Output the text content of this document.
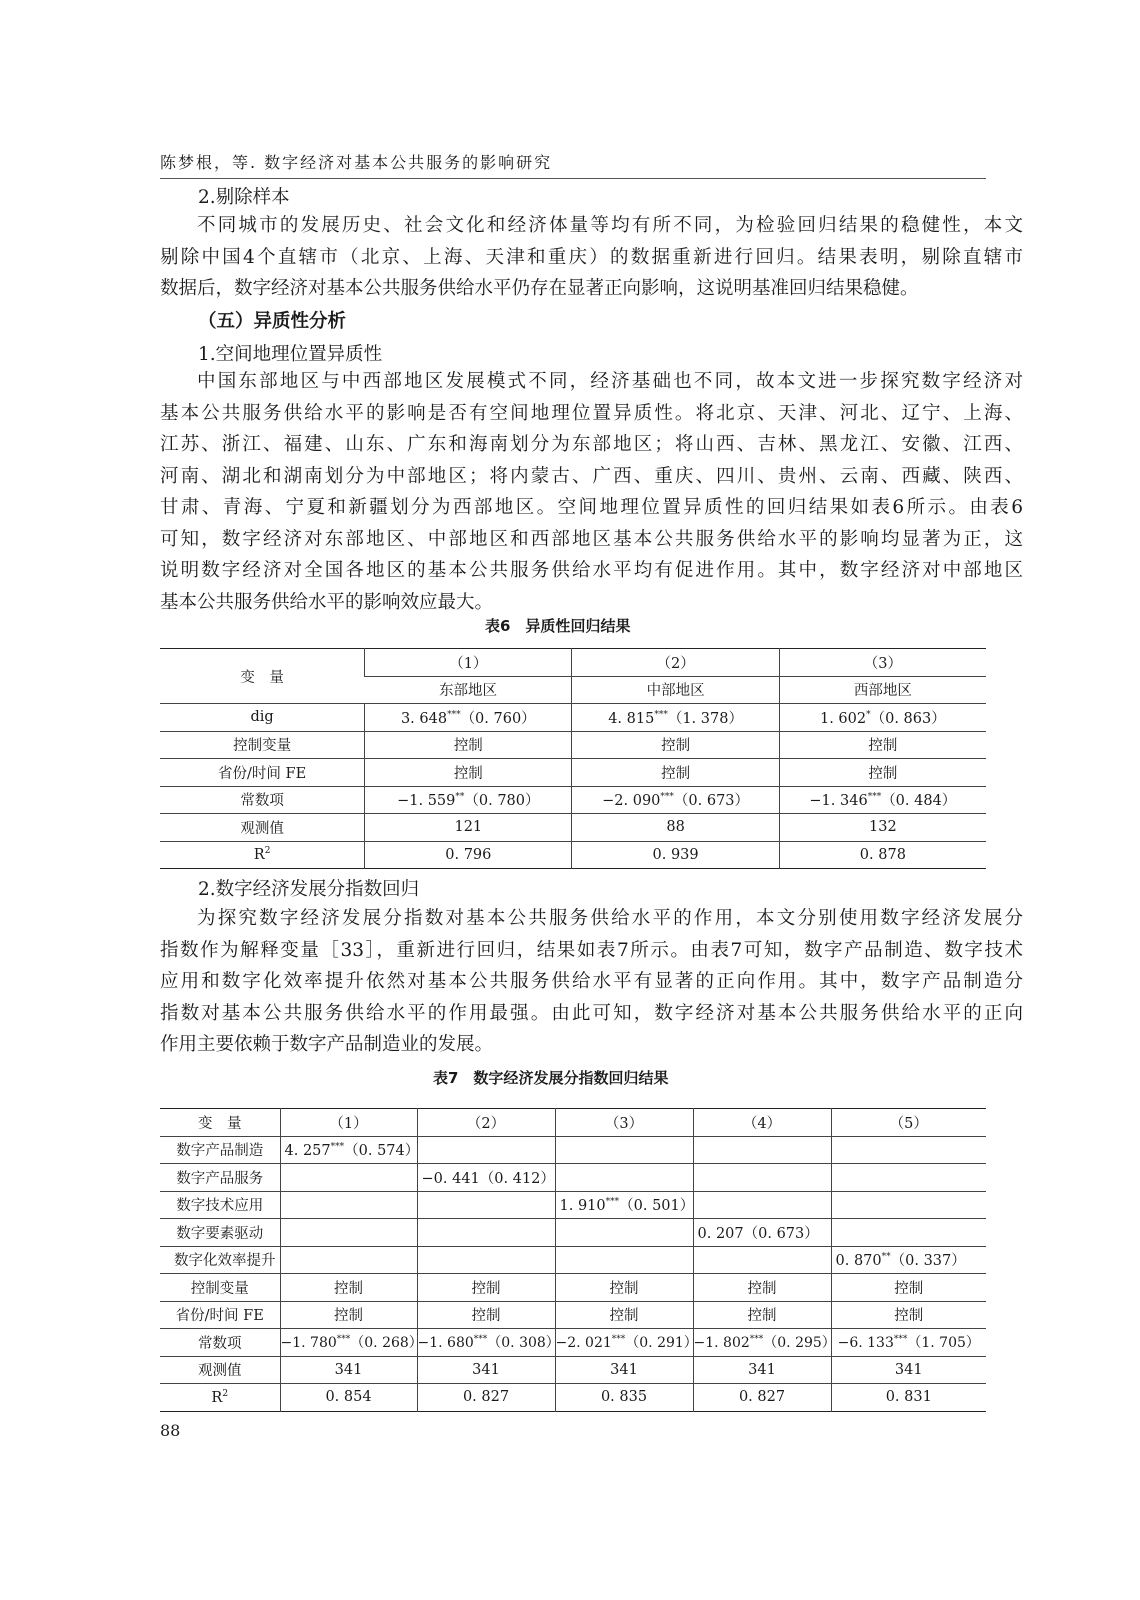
陈梦根，等. 数字经济对基本公共服务的影响研究
2.剔除样本
不同城市的发展历史、社会文化和经济体量等均有所不同，为检验回归结果的稳健性，本文
剔除中国4个直辖市（北京、上海、天津和重庆）的数据重新进行回归。结果表明，剔除直辖市
数据后，数字经济对基本公共服务供给水平仍存在显著正向影响，这说明基准回归结果稳健。
（五）异质性分析
1.空间地理位置异质性
中国东部地区与中西部地区发展模式不同，经济基础也不同，故本文进一步探究数字经济对
基本公共服务供给水平的影响是否有空间地理位置异质性。将北京、天津、河北、辽宁、上海、
江苏、浙江、福建、山东、广东和海南划分为东部地区；将山西、吉林、黑龙江、安徽、江西、
河南、湖北和湖南划分为中部地区；将内蒙古、广西、重庆、四川、贵州、云南、西藏、陕西、
甘肃、青海、宁夏和新疆划分为西部地区。空间地理位置异质性的回归结果如表6所示。由表6
可知，数字经济对东部地区、中部地区和西部地区基本公共服务供给水平的影响均显著为正，这
说明数字经济对全国各地区的基本公共服务供给水平均有促进作用。其中，数字经济对中部地区
基本公共服务供给水平的影响效应最大。
表6　异质性回归结果
变　量	（1）	（2）	（3）
	东部地区	中部地区	西部地区
dig	3. 648***（0. 760）	4. 815***（1. 378）	1. 602*（0. 863）
控制变量	控制	控制	控制
省份/时间 FE	控制	控制	控制
常数项	−1. 559**（0. 780）	−2. 090***（0. 673）	−1. 346***（0. 484）
观测值	121	88	132
$R^2$	0. 796	0. 939	0. 878
2.数字经济发展分指数回归
为探究数字经济发展分指数对基本公共服务供给水平的作用，本文分别使用数字经济发展分
指数作为解释变量［33］，重新进行回归，结果如表7所示。由表7可知，数字产品制造、数字技术
应用和数字化效率提升依然对基本公共服务供给水平有显著的正向作用。其中，数字产品制造分
指数对基本公共服务供给水平的作用最强。由此可知，数字经济对基本公共服务供给水平的正向
作用主要依赖于数字产品制造业的发展。
表7　数字经济发展分指数回归结果
变　量	（1）	（2）	（3）	（4）	（5）
数字产品制造	4. 257***（0. 574）				
数字产品服务		−0. 441（0. 412）			
数字技术应用			1. 910***（0. 501）		
数字要素驱动				0. 207（0. 673）	
数字化效率提升					0. 870**（0. 337）
控制变量	控制	控制	控制	控制	控制
省份/时间 FE	控制	控制	控制	控制	控制
常数项	−1. 780***（0. 268）	−1. 680***（0. 308）	−2. 021***（0. 291）	−1. 802***（0. 295）	−6. 133***（1. 705）
观测值	341	341	341	341	341
$R^2$	0. 854	0. 827	0. 835	0. 827	0. 831
88
